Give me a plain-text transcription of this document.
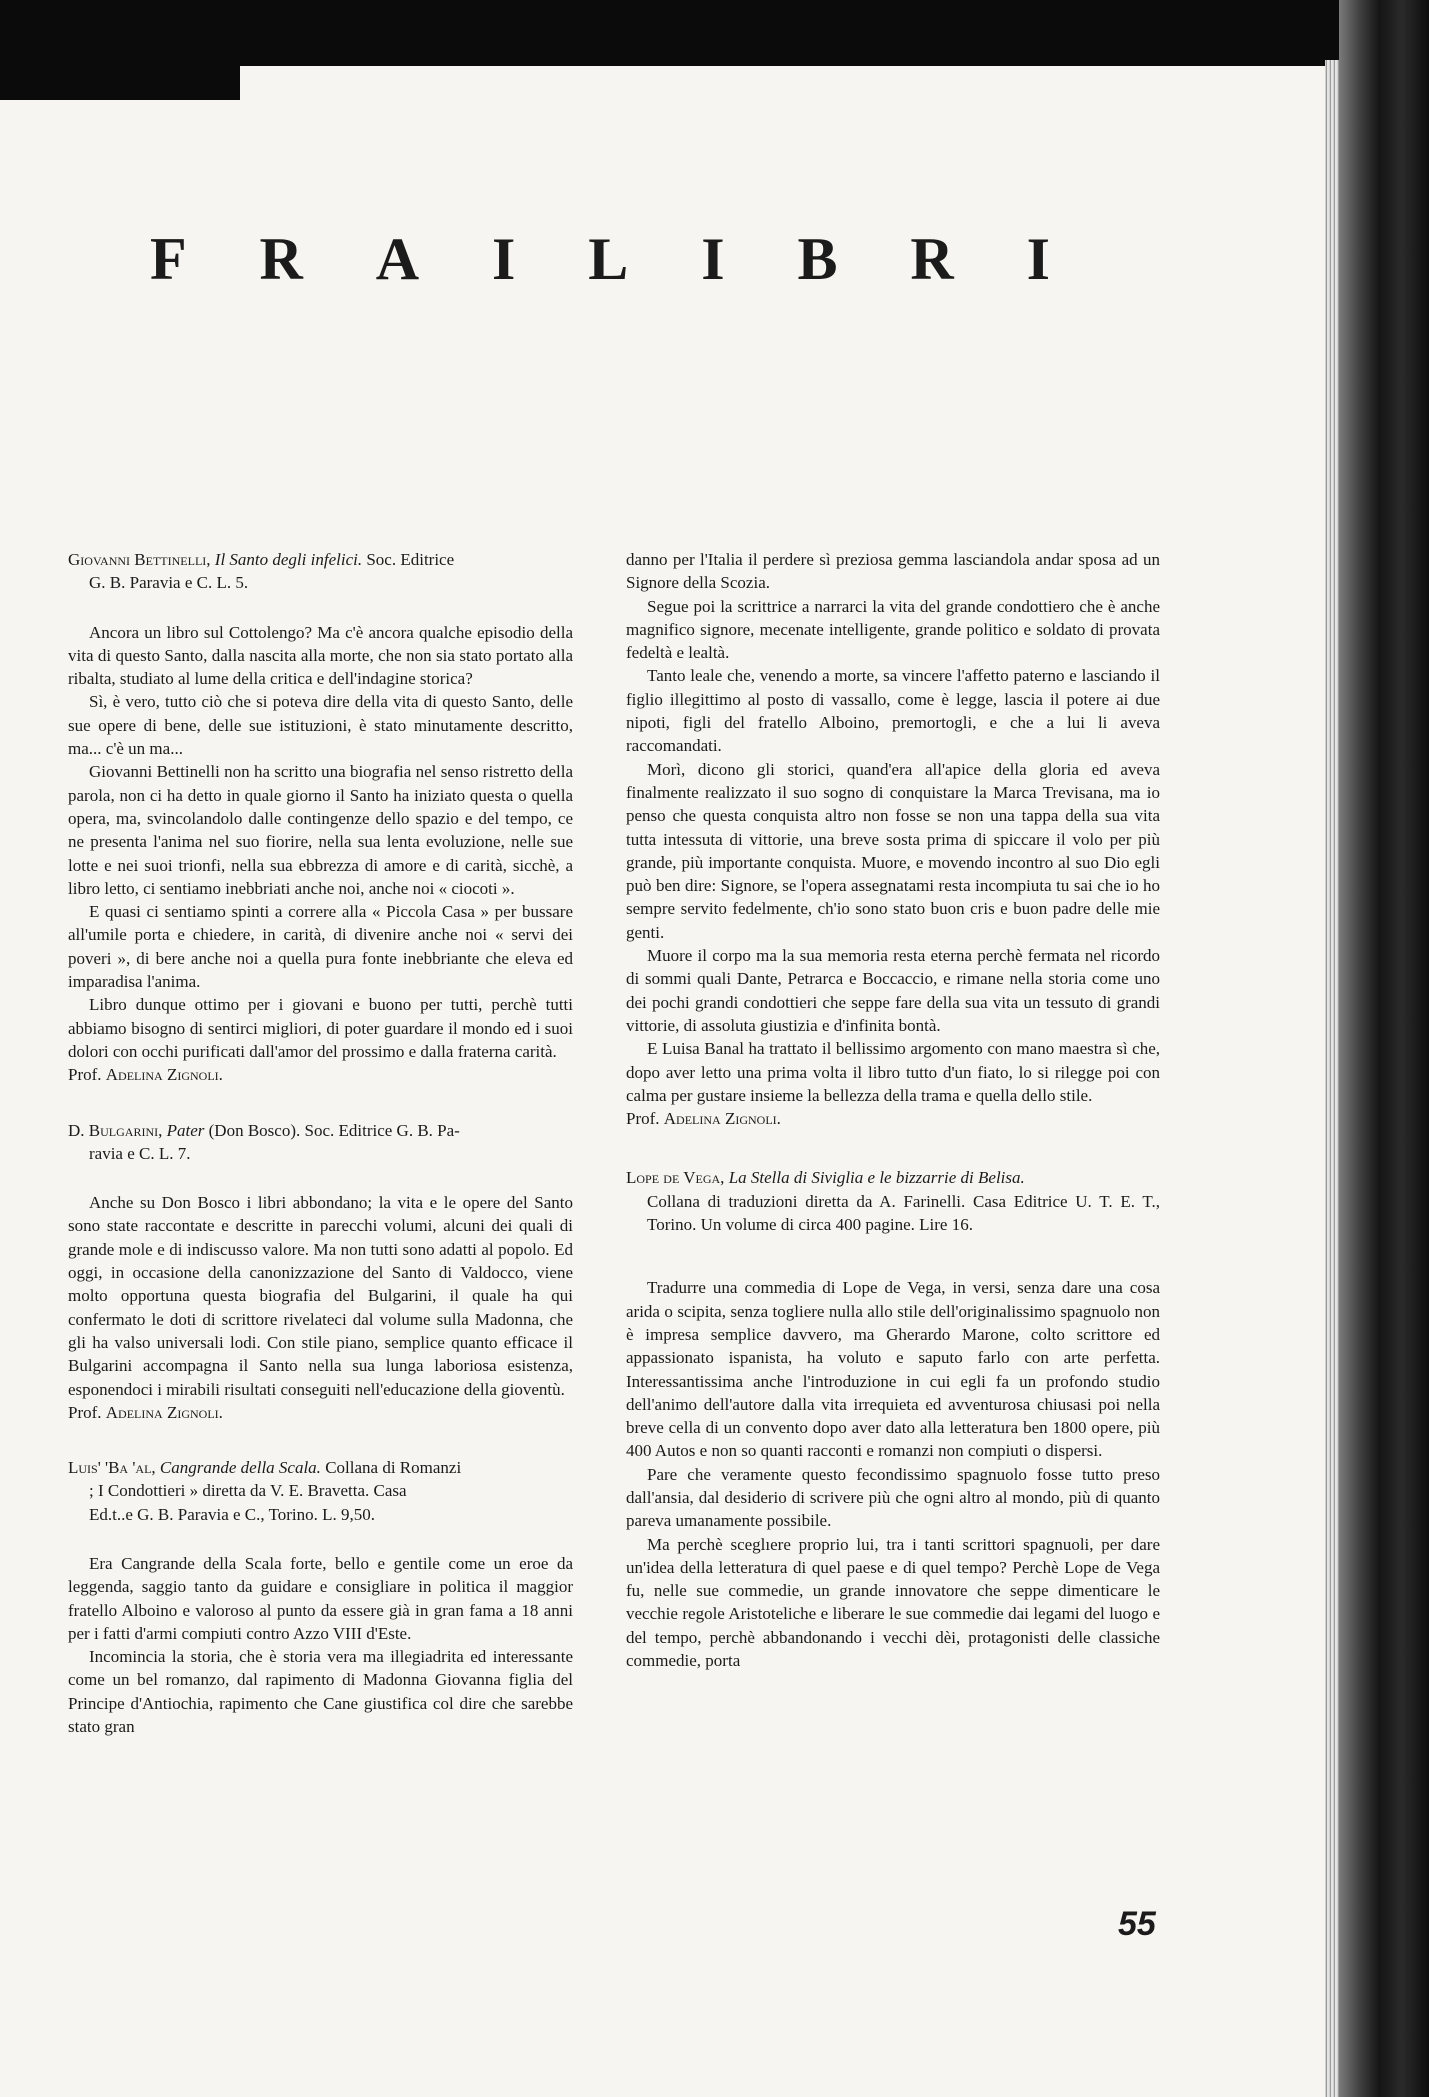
F R A I L I B R I

Giovanni Bettinelli, Il Santo degli infelici. Soc. Editrice

G. B. Paravia e C. L. 5.

Ancora un libro sul Cottolengo? Ma c'è ancora qualche episodio della vita di questo Santo, dalla nascita alla morte, che non sia stato portato alla ribalta, studiato al lume della critica e dell'indagine storica?

Sì, è vero, tutto ciò che si poteva dire della vita di questo Santo, delle sue opere di bene, delle sue istituzioni, è stato minutamente descritto, ma... c'è un ma...

Giovanni Bettinelli non ha scritto una biografia nel senso ristretto della parola, non ci ha detto in quale giorno il Santo ha iniziato questa o quella opera, ma, svincolandolo dalle contingenze dello spazio e del tempo, ce ne presenta l'anima nel suo fiorire, nella sua lenta evoluzione, nelle sue lotte e nei suoi trionfi, nella sua ebbrezza di amore e di carità, sicchè, a libro letto, ci sentiamo inebbriati anche noi, anche noi « ciocoti ».

E quasi ci sentiamo spinti a correre alla « Piccola Casa » per bussare all'umile porta e chiedere, in carità, di divenire anche noi « servi dei poveri », di bere anche noi a quella pura fonte inebbriante che eleva ed imparadisa l'anima.

Libro dunque ottimo per i giovani e buono per tutti, perchè tutti abbiamo bisogno di sentirci migliori, di poter guardare il mondo ed i suoi dolori con occhi purificati dall'amor del prossimo e dalla fraterna carità.

Prof. Adelina Zignoli.

D. Bulgarini, Pater (Don Bosco). Soc. Editrice G. B. Pa-

ravia e C. L. 7.

Anche su Don Bosco i libri abbondano; la vita e le opere del Santo sono state raccontate e descritte in parecchi volumi, alcuni dei quali di grande mole e di indiscusso valore. Ma non tutti sono adatti al popolo. Ed oggi, in occasione della canonizzazione del Santo di Valdocco, viene molto opportuna questa biografia del Bulgarini, il quale ha qui confermato le doti di scrittore rivelateci dal volume sulla Madonna, che gli ha valso universali lodi. Con stile piano, semplice quanto efficace il Bulgarini accompagna il Santo nella sua lunga laboriosa esistenza, esponendoci i mirabili risultati conseguiti nell'educazione della gioventù.

Prof. Adelina Zignoli.

Luis' 'Ba 'al, Cangrande della Scala. Collana di Romanzi

; I Condottieri » diretta da V. E. Bravetta. Casa

Ed.t..e G. B. Paravia e C., Torino. L. 9,50.

Era Cangrande della Scala forte, bello e gentile come un eroe da leggenda, saggio tanto da guidare e consigliare in politica il maggior fratello Alboino e valoroso al punto da essere già in gran fama a 18 anni per i fatti d'armi compiuti contro Azzo VIII d'Este.

Incomincia la storia, che è storia vera ma illegiadrita ed interessante come un bel romanzo, dal rapimento di Madonna Giovanna figlia del Principe d'Antiochia, rapimento che Cane giustifica col dire che sarebbe stato gran

danno per l'Italia il perdere sì preziosa gemma lasciandola andar sposa ad un Signore della Scozia.

Segue poi la scrittrice a narrarci la vita del grande condottiero che è anche magnifico signore, mecenate intelligente, grande politico e soldato di provata fedeltà e lealtà.

Tanto leale che, venendo a morte, sa vincere l'affetto paterno e lasciando il figlio illegittimo al posto di vassallo, come è legge, lascia il potere ai due nipoti, figli del fratello Alboino, premortogli, e che a lui li aveva raccomandati.

Morì, dicono gli storici, quand'era all'apice della gloria ed aveva finalmente realizzato il suo sogno di conquistare la Marca Trevisana, ma io penso che questa conquista altro non fosse se non una tappa della sua vita tutta intessuta di vittorie, una breve sosta prima di spiccare il volo per più grande, più importante conquista. Muore, e movendo incontro al suo Dio egli può ben dire: Signore, se l'opera assegnatami resta incompiuta tu sai che io ho sempre servito fedelmente, ch'io sono stato buon cris e buon padre delle mie genti.

Muore il corpo ma la sua memoria resta eterna perchè fermata nel ricordo di sommi quali Dante, Petrarca e Boccaccio, e rimane nella storia come uno dei pochi grandi condottieri che seppe fare della sua vita un tessuto di grandi vittorie, di assoluta giustizia e d'infinita bontà.

E Luisa Banal ha trattato il bellissimo argomento con mano maestra sì che, dopo aver letto una prima volta il libro tutto d'un fiato, lo si rilegge poi con calma per gustare insieme la bellezza della trama e quella dello stile.

Prof. Adelina Zignoli.

Lope de Vega, La Stella di Siviglia e le bizzarrie di Belisa.

Collana di traduzioni diretta da A. Farinelli. Casa Editrice U. T. E. T., Torino. Un volume di circa 400 pagine. Lire 16.

Tradurre una commedia di Lope de Vega, in versi, senza dare una cosa arida o scipita, senza togliere nulla allo stile dell'originalissimo spagnuolo non è impresa semplice davvero, ma Gherardo Marone, colto scrittore ed appassionato ispanista, ha voluto e saputo farlo con arte perfetta. Interessantissima anche l'introduzione in cui egli fa un profondo studio dell'animo dell'autore dalla vita irrequieta ed avventurosa chiusasi poi nella breve cella di un convento dopo aver dato alla letteratura ben 1800 opere, più 400 Autos e non so quanti racconti e romanzi non compiuti o dispersi.

Pare che veramente questo fecondissimo spagnuolo fosse tutto preso dall'ansia, dal desiderio di scrivere più che ogni altro al mondo, più di quanto pareva umanamente possibile.

Ma perchè sceglıere proprio lui, tra i tanti scrittori spagnuoli, per dare un'idea della letteratura di quel paese e di quel tempo? Perchè Lope de Vega fu, nelle sue commedie, un grande innovatore che seppe dimenticare le vecchie regole Aristoteliche e liberare le sue commedie dai legami del luogo e del tempo, perchè abbandonando i vecchi dèi, protagonisti delle classiche commedie, porta

55
